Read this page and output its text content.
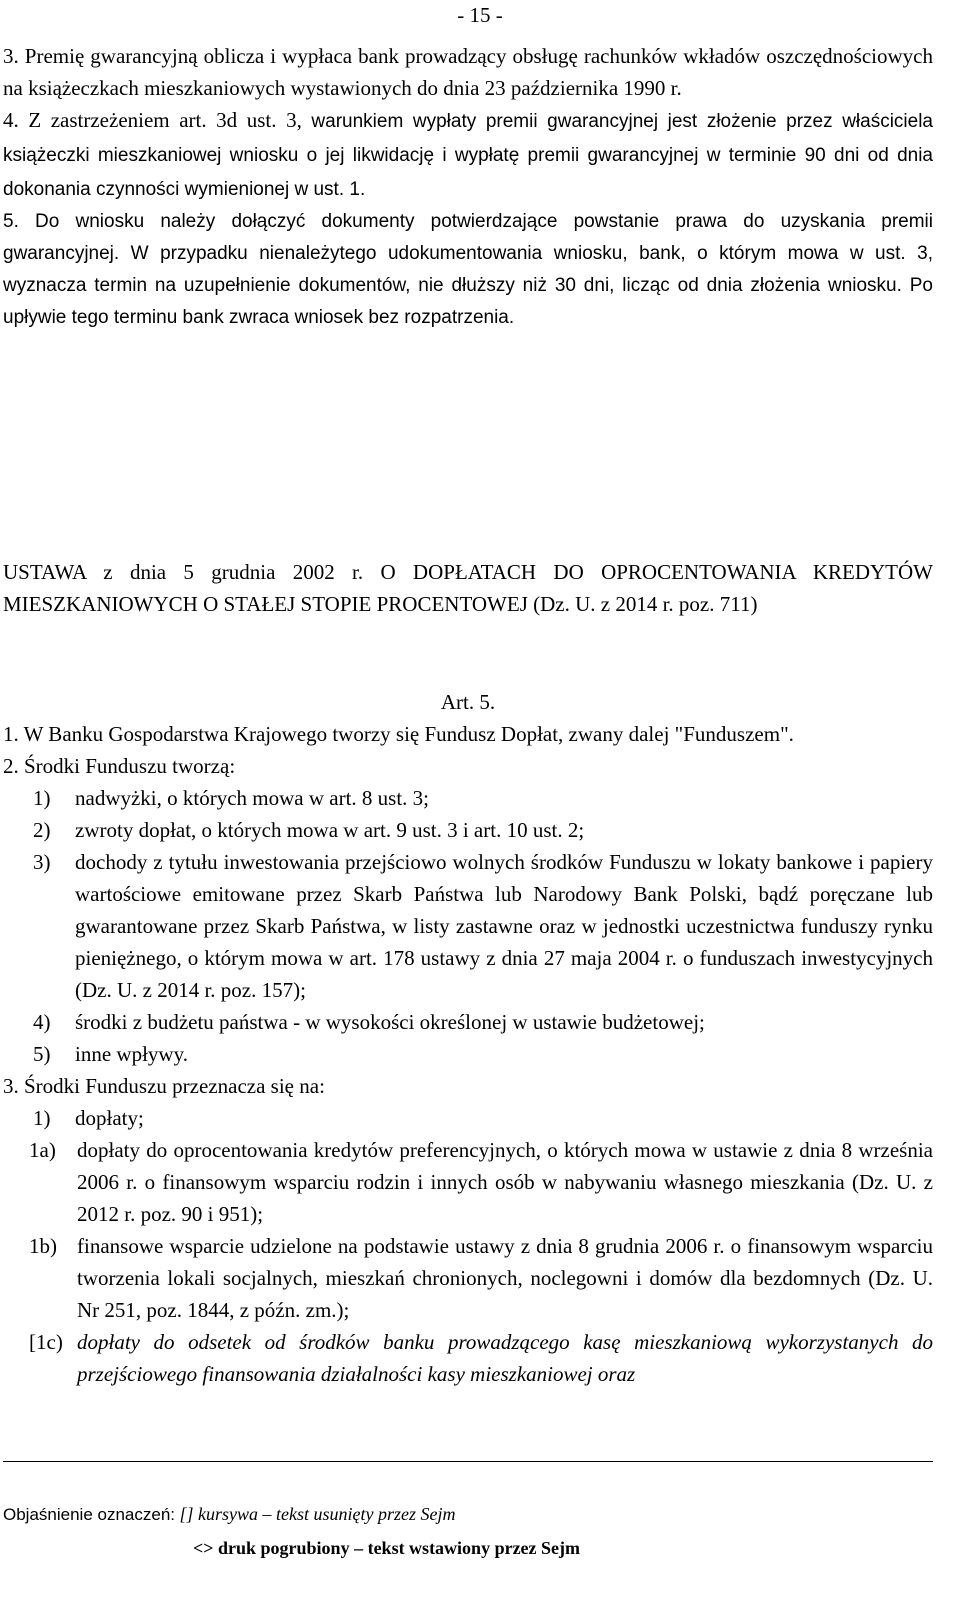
- 15 -

3. Premię gwarancyjną oblicza i wypłaca bank prowadzący obsługę rachunków wkładów oszczędnościowych na książeczkach mieszkaniowych wystawionych do dnia 23 października 1990 r.

4. Z zastrzeżeniem art. 3d ust. 3, warunkiem wypłaty premii gwarancyjnej jest złożenie przez właściciela książeczki mieszkaniowej wniosku o jej likwidację i wypłatę premii gwarancyjnej w terminie 90 dni od dnia dokonania czynności wymienionej w ust. 1.

5. Do wniosku należy dołączyć dokumenty potwierdzające powstanie prawa do uzyskania premii gwarancyjnej. W przypadku nienależytego udokumentowania wniosku, bank, o którym mowa w ust. 3, wyznacza termin na uzupełnienie dokumentów, nie dłuższy niż 30 dni, licząc od dnia złożenia wniosku. Po upływie tego terminu bank zwraca wniosek bez rozpatrzenia.

USTAWA z dnia 5 grudnia 2002 r. O DOPŁATACH DO OPROCENTOWANIA KREDYTÓW MIESZKANIOWYCH O STAŁEJ STOPIE PROCENTOWEJ (Dz. U. z 2014 r. poz. 711)

Art. 5.

1. W Banku Gospodarstwa Krajowego tworzy się Fundusz Dopłat, zwany dalej "Funduszem".

2. Środki Funduszu tworzą:

1) nadwyżki, o których mowa w art. 8 ust. 3;

2) zwroty dopłat, o których mowa w art. 9 ust. 3 i art. 10 ust. 2;

3) dochody z tytułu inwestowania przejściowo wolnych środków Funduszu w lokaty bankowe i papiery wartościowe emitowane przez Skarb Państwa lub Narodowy Bank Polski, bądź poręczane lub gwarantowane przez Skarb Państwa, w listy zastawne oraz w jednostki uczestnictwa funduszy rynku pieniężnego, o którym mowa w art. 178 ustawy z dnia 27 maja 2004 r. o funduszach inwestycyjnych (Dz. U. z 2014 r. poz. 157);

4) środki z budżetu państwa - w wysokości określonej w ustawie budżetowej;

5) inne wpływy.

3. Środki Funduszu przeznacza się na:

1) dopłaty;

1a) dopłaty do oprocentowania kredytów preferencyjnych, o których mowa w ustawie z dnia 8 września 2006 r. o finansowym wsparciu rodzin i innych osób w nabywaniu własnego mieszkania (Dz. U. z 2012 r. poz. 90 i 951);

1b) finansowe wsparcie udzielone na podstawie ustawy z dnia 8 grudnia 2006 r. o finansowym wsparciu tworzenia lokali socjalnych, mieszkań chronionych, noclegowni i domów dla bezdomnych (Dz. U. Nr 251, poz. 1844, z późn. zm.);

[1c) dopłaty do odsetek od środków banku prowadzącego kasę mieszkaniową wykorzystanych do przejściowego finansowania działalności kasy mieszkaniowej oraz

Objaśnienie oznaczeń: [] kursywa – tekst usunięty przez Sejm
<> druk pogrubiony – tekst wstawiony przez Sejm
